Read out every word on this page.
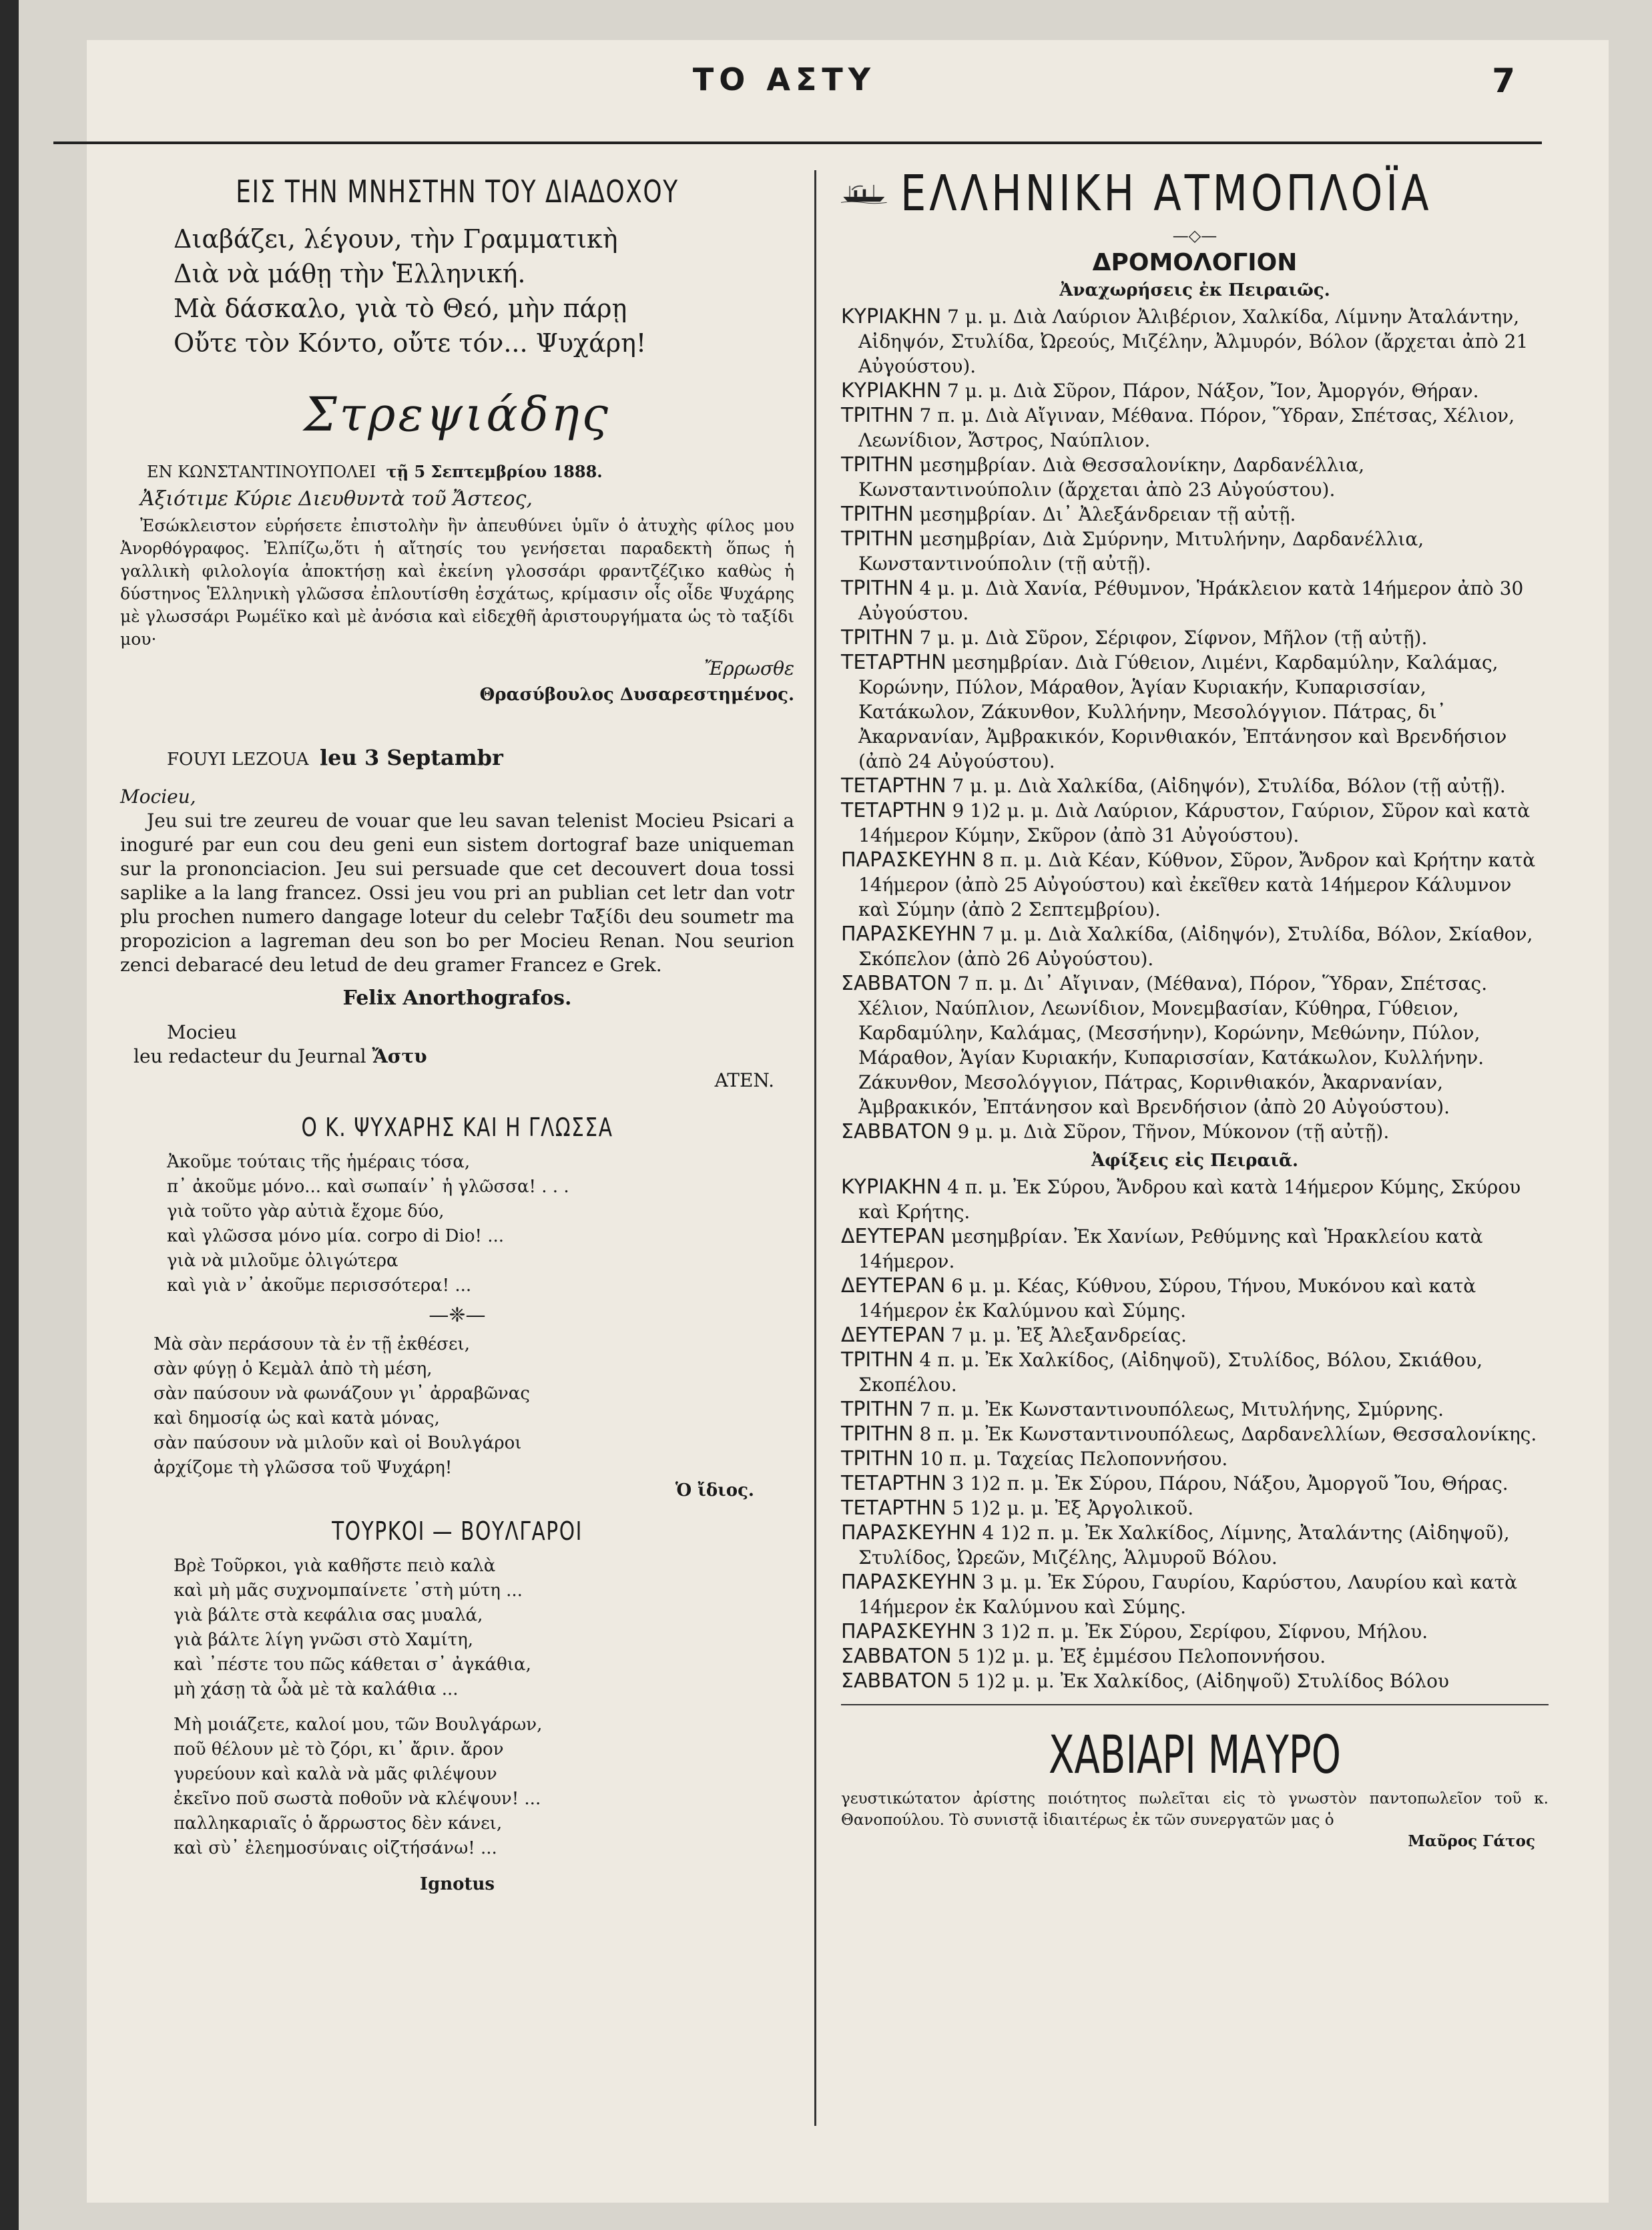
ΤΟ ΑΣΤΥ	7
ΕΙΣ ΤΗΝ ΜΝΗΣΤΗΝ ΤΟΥ ΔΙΑΔΟΧΟΥ

Διαβάζει, λέγουν, τὴν Γραμματικὴ

Διὰ νὰ μάθῃ τὴν Ἑλληνική.

Μὰ δάσκαλο, γιὰ τὸ Θεό, μὴν πάρῃ

Οὔτε τὸν Κόντο, οὔτε τόν... Ψυχάρη!

Στρεψιάδης
ΕΝ ΚΩΝΣΤΑΝΤΙΝΟΥΠΟΛΕΙ τῇ 5 Σεπτεμβρίου 1888.
Ἀξιότιμε Κύριε Διευθυντὰ τοῦ Ἄστεος,
Ἐσώκλειστον εὑρήσετε ἐπιστολὴν ἣν ἀπευθύνει ὑμῖν ὁ ἀτυχὴς φίλος μου Ἀνορθόγραφος. Ἐλπίζω,ὅτι ἡ αἴτησίς του γενήσεται παραδεκτὴ ὅπως ἡ γαλλικὴ φιλολογία ἀποκτήσῃ καὶ ἐκείνη γλοσσάρι φραντζέζικο καθὼς ἡ δύστηνος Ἑλληνικὴ γλῶσσα ἐπλουτίσθη ἐσχάτως, κρίμασιν οἷς οἶδε Ψυχάρης μὲ γλωσσάρι Ρωμέϊκο καὶ μὲ ἀνόσια καὶ εἰδεχθῆ ἀριστουργήματα ὡς τὸ ταξίδι μου·
Ἔρρωσθε
Θρασύβουλος Δυσαρεστημένος.
FOUYI LEZOUA leu 3 Septambr
Mocieu,
Jeu sui tre zeureu de vouar que leu savan telenist Mocieu Psicari a inoguré par eun cou deu geni eun sistem dortograf baze uniqueman sur la prononciacion. Jeu sui persuade que cet decouvert doua tossi saplike a la lang francez. Ossi jeu vou pri an publian cet letr dan votr plu prochen numero dangage loteur du celebr Ταξίδι deu soumetr ma propozicion a lagreman deu son bo per Mocieu Renan. Nou seurion zenci debaracé deu letud de deu gramer Francez e Grek.
Felix Anorthografos.
Mocieu
leu redacteur du Jeurnal Ἄστυ
ATEN.
Ο Κ. ΨΥΧΑΡΗΣ ΚΑΙ Η ΓΛΩΣΣΑ

Ἀκοῦμε τούταις τῆς ἡμέραις τόσα,

π᾿ ἀκοῦμε μόνο... καὶ σωπαίν᾿ ἡ γλῶσσα! . . .

γιὰ τοῦτο γὰρ αὐτιὰ ἔχομε δύο,

καὶ γλῶσσα μόνο μία. corpo di Dio! ...

γιὰ νὰ μιλοῦμε ὀλιγώτερα

καὶ γιὰ ν᾿ ἀκοῦμε περισσότερα! ...

—❈—

Μὰ σὰν περάσουν τὰ ἐν τῇ ἐκθέσει,

σὰν φύγῃ ὁ Κεμὰλ ἀπὸ τὴ μέση,

σὰν παύσουν νὰ φωνάζουν γι᾿ ἀρραβῶνας

καὶ δημοσίᾳ ὡς καὶ κατὰ μόνας,

σὰν παύσουν νὰ μιλοῦν καὶ οἱ Βουλγάροι

ἀρχίζομε τὴ γλῶσσα τοῦ Ψυχάρη!

Ὁ ἴδιος.
ΤΟΥΡΚΟΙ — ΒΟΥΛΓΑΡΟΙ

Βρὲ Τοῦρκοι, γιὰ καθῆστε πειὸ καλὰ

καὶ μὴ μᾶς συχνομπαίνετε ᾽στὴ μύτη ...

γιὰ βάλτε στὰ κεφάλια σας μυαλά,

γιὰ βάλτε λίγη γνῶσι στὸ Χαμίτη,

καὶ ᾽πέστε του πῶς κάθεται σ᾿ ἀγκάθια,

μὴ χάσῃ τὰ ὦὰ μὲ τὰ καλάθια ...

Μὴ μοιάζετε, καλοί μου, τῶν Βουλγάρων,

ποῦ θέλουν μὲ τὸ ζόρι, κι᾿ ἄριν. ἄρον

γυρεύουν καὶ καλὰ νὰ μᾶς φιλέψουν

ἐκεῖνο ποῦ σωστὰ ποθοῦν νὰ κλέψουν! ...

παλληκαριαῖς ὁ ἄρρωστος δὲν κάνει,

καὶ σὺ᾿ ἐλεημοσύναις οἰζτήσάνω! ...

Ignotus
ΕΛΛΗΝΙΚΗ ΑΤΜΟΠΛΟΪΑ
—◇—
ΔΡΟΜΟΛΟΓΙΟΝ
Ἀναχωρήσεις ἐκ Πειραιῶς.

ΚΥΡΙΑΚΗΝ 7 μ. μ. Διὰ Λαύριον Ἀλιβέριον, Χαλκίδα, Λίμνην Ἀταλάντην, Αἰδηψόν, Στυλίδα, Ὠρεούς, Μιζέλην, Ἀλμυρόν, Βόλον (ἄρχεται ἀπὸ 21 Αὐγούστου).

ΚΥΡΙΑΚΗΝ 7 μ. μ. Διὰ Σῦρον, Πάρον, Νάξον, Ἴον, Ἀμοργόν, Θήραν.

ΤΡΙΤΗΝ 7 π. μ. Διὰ Αἴγιναν, Μέθανα. Πόρον, Ὕδραν, Σπέτσας, Χέλιον, Λεωνίδιον, Ἄστρος, Ναύπλιον.

ΤΡΙΤΗΝ μεσημβρίαν. Διὰ Θεσσαλονίκην, Δαρδανέλλια, Κωνσταντινούπολιν (ἄρχεται ἀπὸ 23 Αὐγούστου).

ΤΡΙΤΗΝ μεσημβρίαν. Δι᾿ Ἀλεξάνδρειαν τῇ αὐτῇ.

ΤΡΙΤΗΝ μεσημβρίαν, Διὰ Σμύρνην, Μιτυλήνην, Δαρδανέλλια, Κωνσταντινούπολιν (τῇ αὐτῇ).

ΤΡΙΤΗΝ 4 μ. μ. Διὰ Χανία, Ρέθυμνον, Ἡράκλειον κατὰ 14ήμερον ἀπὸ 30 Αὐγούστου.

ΤΡΙΤΗΝ 7 μ. μ. Διὰ Σῦρον, Σέριφον, Σίφνον, Μῆλον (τῇ αὐτῇ).

ΤΕΤΑΡΤΗΝ μεσημβρίαν. Διὰ Γύθειον, Λιμένι, Καρδαμύλην, Καλάμας, Κορώνην, Πύλον, Μάραθον, Ἁγίαν Κυριακήν, Κυπαρισσίαν, Κατάκωλον, Ζάκυνθον, Κυλλήνην, Μεσολόγγιον. Πάτρας, δι᾿ Ἀκαρνανίαν, Ἀμβρακικόν, Κορινθιακόν, Ἐπτάνησον καὶ Βρενδήσιον (ἀπὸ 24 Αὐγούστου).

ΤΕΤΑΡΤΗΝ 7 μ. μ. Διὰ Χαλκίδα, (Αἰδηψόν), Στυλίδα, Βόλον (τῇ αὐτῇ).

ΤΕΤΑΡΤΗΝ 9 1)2 μ. μ. Διὰ Λαύριον, Κάρυστον, Γαύριον, Σῦρον καὶ κατὰ 14ήμερον Κύμην, Σκῦρον (ἀπὸ 31 Αὐγούστου).

ΠΑΡΑΣΚΕΥΗΝ 8 π. μ. Διὰ Κέαν, Κύθνον, Σῦρον, Ἄνδρον καὶ Κρήτην κατὰ 14ήμερον (ἀπὸ 25 Αὐγούστου) καὶ ἐκεῖθεν κατὰ 14ήμερον Κάλυμνον καὶ Σύμην (ἀπὸ 2 Σεπτεμβρίου).

ΠΑΡΑΣΚΕΥΗΝ 7 μ. μ. Διὰ Χαλκίδα, (Αἰδηψόν), Στυλίδα, Βόλον, Σκίαθον, Σκόπελον (ἀπὸ 26 Αὐγούστου).

ΣΑΒΒΑΤΟΝ 7 π. μ. Δι᾿ Αἴγιναν, (Μέθανα), Πόρον, Ὕδραν, Σπέτσας. Χέλιον, Ναύπλιον, Λεωνίδιον, Μονεμβασίαν, Κύθηρα, Γύθειον, Καρδαμύλην, Καλάμας, (Μεσσήνην), Κορώνην, Μεθώνην, Πύλον, Μάραθον, Ἁγίαν Κυριακήν, Κυπαρισσίαν, Κατάκωλον, Κυλλήνην. Ζάκυνθον, Μεσολόγγιον, Πάτρας, Κορινθιακόν, Ἀκαρνανίαν, Ἀμβρακικόν, Ἐπτάνησον καὶ Βρενδήσιον (ἀπὸ 20 Αὐγούστου).

ΣΑΒΒΑΤΟΝ 9 μ. μ. Διὰ Σῦρον, Τῆνον, Μύκονον (τῇ αὐτῇ).

Ἀφίξεις εἰς Πειραιᾶ.

ΚΥΡΙΑΚΗΝ 4 π. μ. Ἐκ Σύρου, Ἄνδρου καὶ κατὰ 14ήμερον Κύμης, Σκύρου καὶ Κρήτης.

ΔΕΥΤΕΡΑΝ μεσημβρίαν. Ἐκ Χανίων, Ρεθύμνης καὶ Ἡρακλείου κατὰ 14ήμερον.

ΔΕΥΤΕΡΑΝ 6 μ. μ. Κέας, Κύθνου, Σύρου, Τήνου, Μυκόνου καὶ κατὰ 14ήμερον ἐκ Καλύμνου καὶ Σύμης.

ΔΕΥΤΕΡΑΝ 7 μ. μ. Ἐξ Ἀλεξανδρείας.

ΤΡΙΤΗΝ 4 π. μ. Ἐκ Χαλκίδος, (Αἰδηψοῦ), Στυλίδος, Βόλου, Σκιάθου, Σκοπέλου.

ΤΡΙΤΗΝ 7 π. μ. Ἐκ Κωνσταντινουπόλεως, Μιτυλήνης, Σμύρνης.

ΤΡΙΤΗΝ 8 π. μ. Ἐκ Κωνσταντινουπόλεως, Δαρδανελλίων, Θεσσαλονίκης.

ΤΡΙΤΗΝ 10 π. μ. Ταχείας Πελοποννήσου.

ΤΕΤΑΡΤΗΝ 3 1)2 π. μ. Ἐκ Σύρου, Πάρου, Νάξου, Ἀμοργοῦ Ἴου, Θήρας.

ΤΕΤΑΡΤΗΝ 5 1)2 μ. μ. Ἐξ Ἀργολικοῦ.

ΠΑΡΑΣΚΕΥΗΝ 4 1)2 π. μ. Ἐκ Χαλκίδος, Λίμνης, Ἀταλάντης (Αἰδηψοῦ), Στυλίδος, Ὠρεῶν, Μιζέλης, Ἁλμυροῦ Βόλου.

ΠΑΡΑΣΚΕΥΗΝ 3 μ. μ. Ἐκ Σύρου, Γαυρίου, Καρύστου, Λαυρίου καὶ κατὰ 14ήμερον ἐκ Καλύμνου καὶ Σύμης.

ΠΑΡΑΣΚΕΥΗΝ 3 1)2 π. μ. Ἐκ Σύρου, Σερίφου, Σίφνου, Μήλου.

ΣΑΒΒΑΤΟΝ 5 1)2 μ. μ. Ἐξ ἐμμέσου Πελοποννήσου.

ΣΑΒΒΑΤΟΝ 5 1)2 μ. μ. Ἐκ Χαλκίδος, (Αἰδηψοῦ) Στυλίδος Βόλου

ΧΑΒΙΑΡΙ ΜΑΥΡΟ
γευστικώτατον ἀρίστης ποιότητος πωλεῖται εἰς τὸ γνωστὸν παντοπωλεῖον τοῦ κ. Θανοπούλου. Τὸ συνιστᾷ ἰδιαιτέρως ἐκ τῶν συνεργατῶν μας ὁ
Μαῦρος Γάτος
